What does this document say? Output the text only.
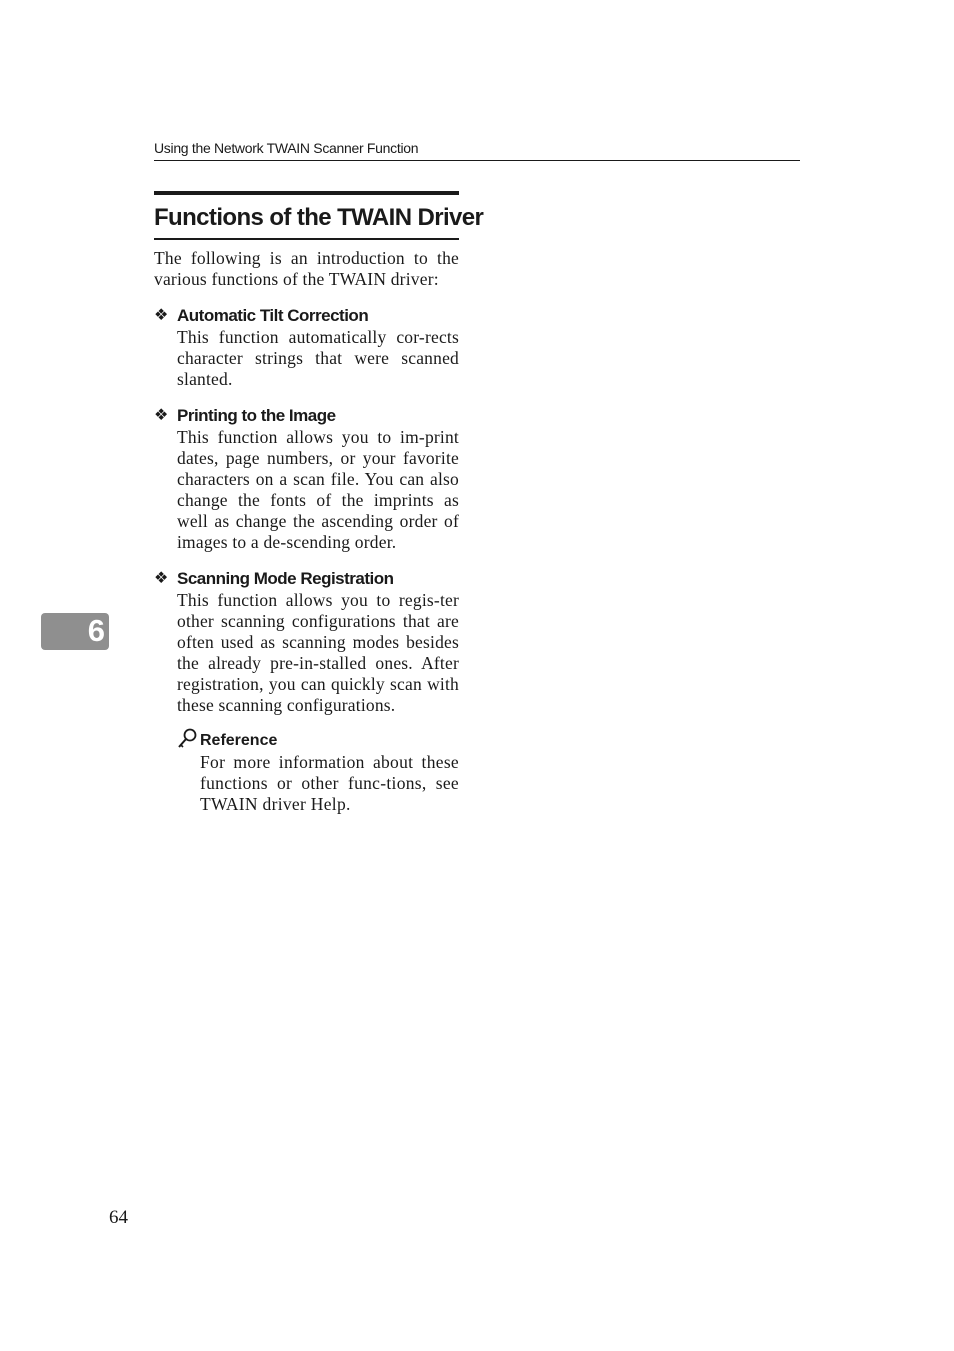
Using the Network TWAIN Scanner Function
6
Functions of the TWAIN Driver

The following is an introduction to the various functions of the TWAIN driver:

❖ Automatic Tilt Correction

This function automatically cor-rects character strings that were scanned slanted.

❖ Printing to the Image

This function allows you to im-print dates, page numbers, or your favorite characters on a scan file. You can also change the fonts of the imprints as well as change the ascending order of images to a de-scending order.

❖ Scanning Mode Registration

This function allows you to regis-ter other scanning configurations that are often used as scanning modes besides the already pre-in-stalled ones. After registration, you can quickly scan with these scanning configurations.

Reference

For more information about these functions or other func-tions, see TWAIN driver Help.

64
